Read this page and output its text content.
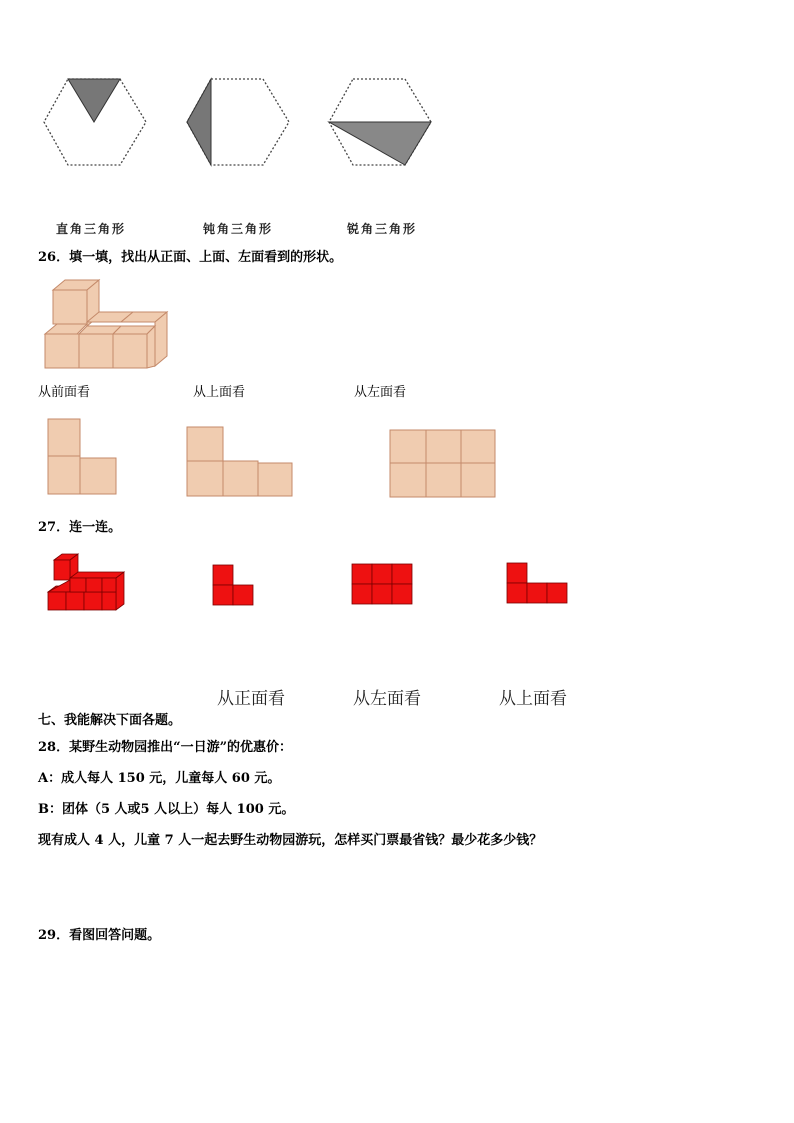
直角三角形	钝角三角形	锐角三角形
26．填一填，找出从正面、上面、左面看到的形状。
从前面看	从上面看	从左面看
27．连一连。
从正面看	从左面看	从上面看
七、我能解决下面各题。
28．某野生动物园推出“一日游”的优惠价：
A：成人每人 150 元，儿童每人 60 元。
B：团体（5 人或5 人以上）每人 100 元。
现有成人 4 人，儿童 7 人一起去野生动物园游玩，怎样买门票最省钱？最少花多少钱？
29．看图回答问题。
